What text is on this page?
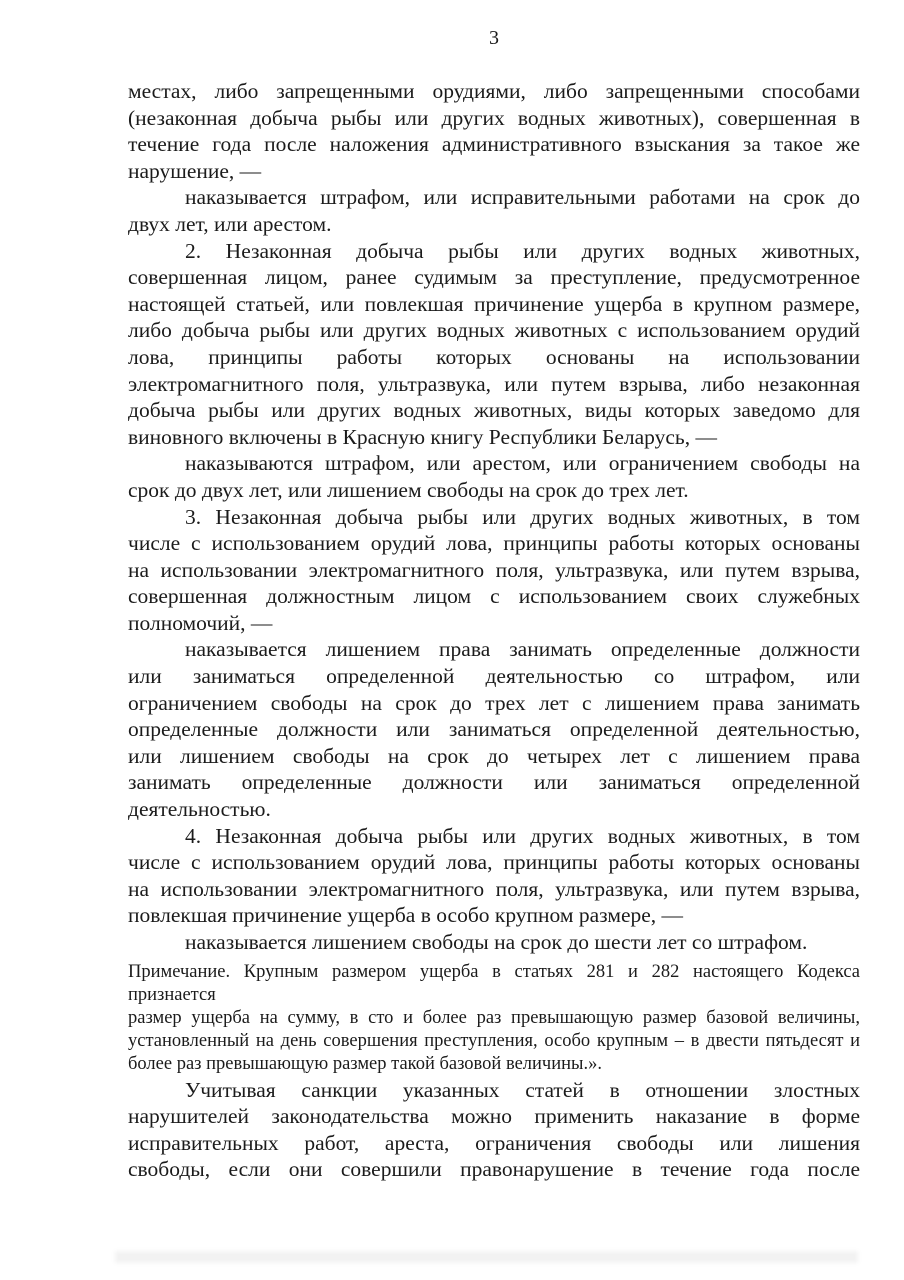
3
местах, либо запрещенными орудиями, либо запрещенными способами
(незаконная добыча рыбы или других водных животных), совершенная в
течение года после наложения административного взыскания за такое же
нарушение, —
наказывается штрафом, или исправительными работами на срок до
двух лет, или арестом.
2. Незаконная добыча рыбы или других водных животных,
совершенная лицом, ранее судимым за преступление, предусмотренное
настоящей статьей, или повлекшая причинение ущерба в крупном размере,
либо добыча рыбы или других водных животных с использованием орудий
лова, принципы работы которых основаны на использовании
электромагнитного поля, ультразвука, или путем взрыва, либо незаконная
добыча рыбы или других водных животных, виды которых заведомо для
виновного включены в Красную книгу Республики Беларусь, —
наказываются штрафом, или арестом, или ограничением свободы на
срок до двух лет, или лишением свободы на срок до трех лет.
3. Незаконная добыча рыбы или других водных животных, в том
числе с использованием орудий лова, принципы работы которых основаны
на использовании электромагнитного поля, ультразвука, или путем взрыва,
совершенная должностным лицом с использованием своих служебных
полномочий, —
наказывается лишением права занимать определенные должности
или заниматься определенной деятельностью со штрафом, или
ограничением свободы на срок до трех лет с лишением права занимать
определенные должности или заниматься определенной деятельностью,
или лишением свободы на срок до четырех лет с лишением права
занимать определенные должности или заниматься определенной
деятельностью.
4. Незаконная добыча рыбы или других водных животных, в том
числе с использованием орудий лова, принципы работы которых основаны
на использовании электромагнитного поля, ультразвука, или путем взрыва,
повлекшая причинение ущерба в особо крупном размере, —
наказывается лишением свободы на срок до шести лет со штрафом.
Примечание. Крупным размером ущерба в статьях 281 и 282 настоящего Кодекса признается
размер ущерба на сумму, в сто и более раз превышающую размер базовой величины,
установленный на день совершения преступления, особо крупным – в двести пятьдесят и
более раз превышающую размер такой базовой величины.».
Учитывая санкции указанных статей в отношении злостных
нарушителей законодательства можно применить наказание в форме
исправительных работ, ареста, ограничения свободы или лишения
свободы, если они совершили правонарушение в течение года после
